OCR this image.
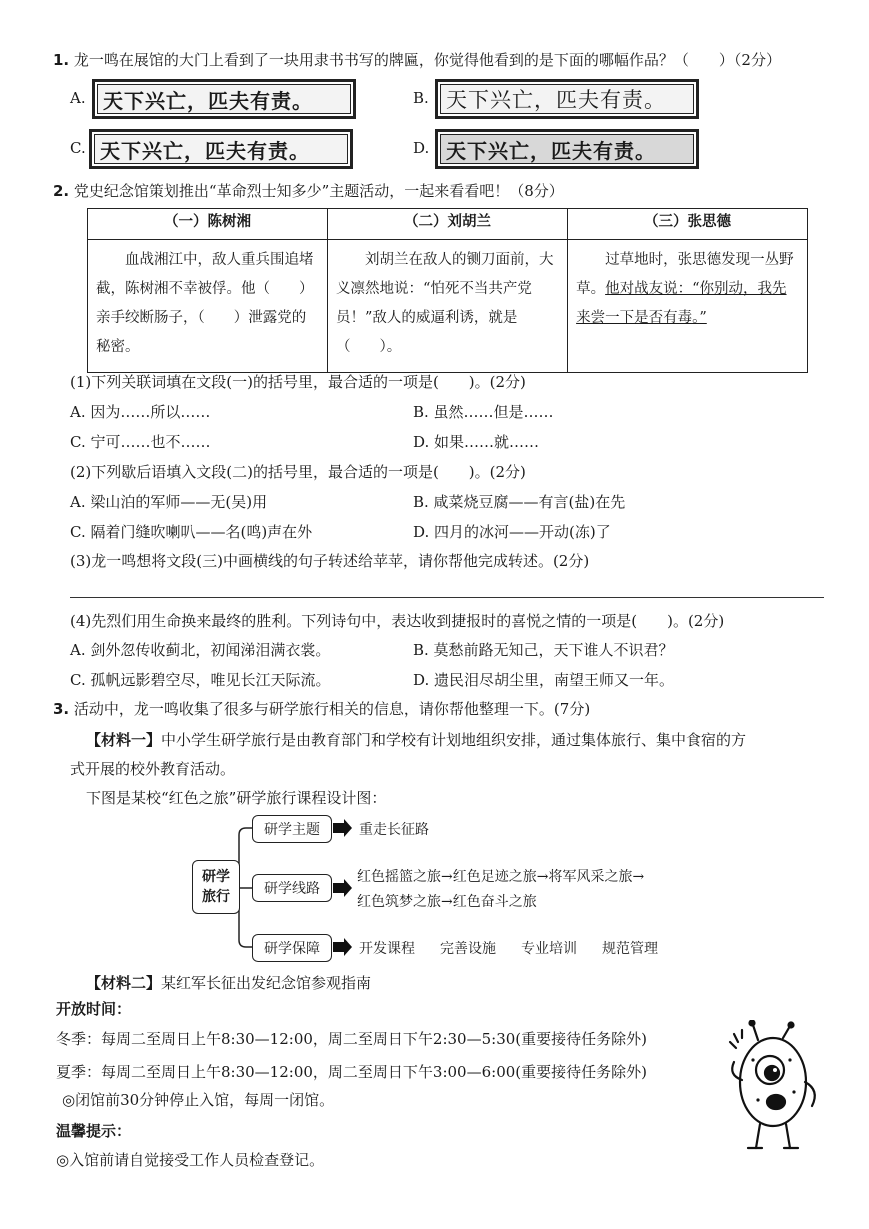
1. 龙一鸣在展馆的大门上看到了一块用隶书书写的牌匾，你觉得他看到的是下面的哪幅作品？（　　）（2分）
A. 天下兴亡，匹夫有责。	B. 天下兴亡，匹夫有责。
C. 天下兴亡，匹夫有责。	D. 天下兴亡，匹夫有责。
2. 党史纪念馆策划推出“革命烈士知多少”主题活动，一起来看看吧！（8分）
（一）陈树湘	（二）刘胡兰	（三）张思德
　　血战湘江中，敌人重兵围追堵截，陈树湘不幸被俘。他（　　）亲手绞断肠子，（　　）泄露党的秘密。	　　刘胡兰在敌人的铡刀面前，大义凛然地说：“怕死不当共产党员！”敌人的威逼利诱，就是（　　）。	　　过草地时，张思德发现一丛野草。他对战友说：“你别动，我先来尝一下是否有毒。”
(1)下列关联词填在文段(一)的括号里，最合适的一项是(　　)。(2分)
A. 因为……所以……	B. 虽然……但是……
C. 宁可……也不……	D. 如果……就……
(2)下列歇后语填入文段(二)的括号里，最合适的一项是(　　)。(2分)
A. 梁山泊的军师——无(吴)用	B. 咸菜烧豆腐——有言(盐)在先
C. 隔着门缝吹喇叭——名(鸣)声在外	D. 四月的冰河——开动(冻)了
(3)龙一鸣想将文段(三)中画横线的句子转述给苹苹，请你帮他完成转述。(2分)
(4)先烈们用生命换来最终的胜利。下列诗句中，表达收到捷报时的喜悦之情的一项是(　　)。(2分)
A. 剑外忽传收蓟北，初闻涕泪满衣裳。	B. 莫愁前路无知己，天下谁人不识君？
C. 孤帆远影碧空尽，唯见长江天际流。	D. 遗民泪尽胡尘里，南望王师又一年。
3. 活动中，龙一鸣收集了很多与研学旅行相关的信息，请你帮他整理一下。(7分)
【材料一】中小学生研学旅行是由教育部门和学校有计划地组织安排，通过集体旅行、集中食宿的方
式开展的校外教育活动。
下图是某校“红色之旅”研学旅行课程设计图：
研学旅行
研学主题	重走长征路
研学线路
红色摇篮之旅→红色足迹之旅→将军风采之旅→
红色筑梦之旅→红色奋斗之旅
研学保障	开发课程 完善设施 专业培训 规范管理
【材料二】某红军长征出发纪念馆参观指南
开放时间：
冬季：每周二至周日上午8:30—12:00，周二至周日下午2:30—5:30(重要接待任务除外)
夏季：每周二至周日上午8:30—12:00，周二至周日下午3:00—6:00(重要接待任务除外)
◎闭馆前30分钟停止入馆，每周一闭馆。
温馨提示：
◎入馆前请自觉接受工作人员检查登记。
